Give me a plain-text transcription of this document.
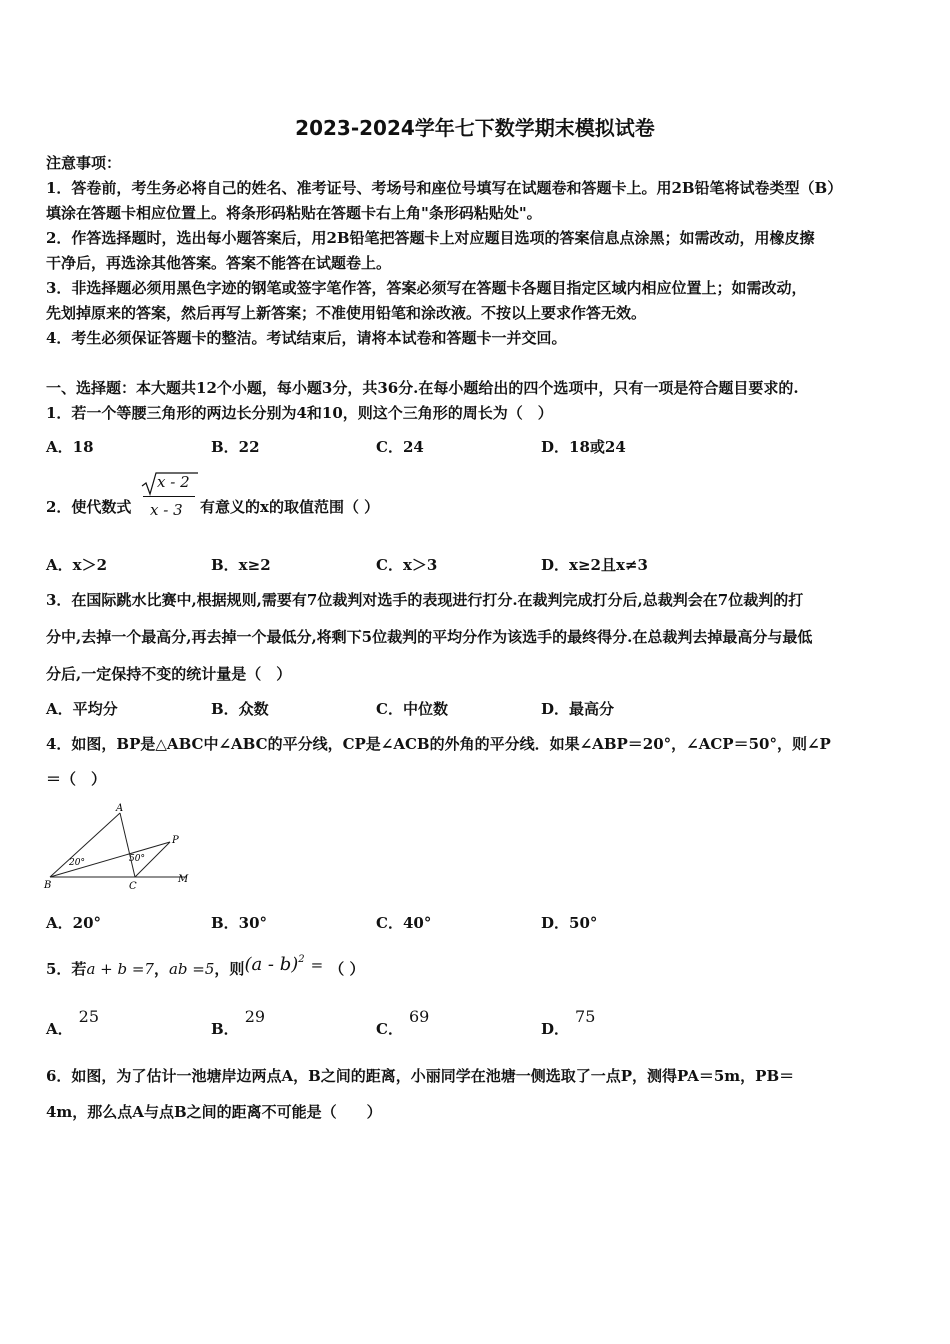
2023-2024学年七下数学期末模拟试卷
注意事项：
1．答卷前，考生务必将自己的姓名、准考证号、考场号和座位号填写在试题卷和答题卡上。用2B铅笔将试卷类型（B）
填涂在答题卡相应位置上。将条形码粘贴在答题卡右上角"条形码粘贴处"。
2．作答选择题时，选出每小题答案后，用2B铅笔把答题卡上对应题目选项的答案信息点涂黑；如需改动，用橡皮擦
干净后，再选涂其他答案。答案不能答在试题卷上。
3．非选择题必须用黑色字迹的钢笔或签字笔作答，答案必须写在答题卡各题目指定区域内相应位置上；如需改动，
先划掉原来的答案，然后再写上新答案；不准使用铅笔和涂改液。不按以上要求作答无效。
4．考生必须保证答题卡的整洁。考试结束后，请将本试卷和答题卡一并交回。
一、选择题：本大题共12个小题，每小题3分，共36分.在每小题给出的四个选项中，只有一项是符合题目要求的.
1．若一个等腰三角形的两边长分别为4和10，则这个三角形的周长为（　）
A．18	B．22	C．24	D．18或24
2．使代数式
x - 2
x - 3 有意义的x的取值范围（ ）
A．x＞2	B．x≥2	C．x＞3	D．x≥2且x≠3
3．在国际跳水比赛中,根据规则,需要有7位裁判对选手的表现进行打分.在裁判完成打分后,总裁判会在7位裁判的打
分中,去掉一个最高分,再去掉一个最低分,将剩下5位裁判的平均分作为该选手的最终得分.在总裁判去掉最高分与最低
分后,一定保持不变的统计量是（　）
A．平均分	B．众数	C．中位数	D．最高分
4．如图，BP是△ABC中∠ABC的平分线，CP是∠ACB的外角的平分线．如果∠ABP＝20°，∠ACP＝50°，则∠P
＝（　）
A
B	C
P
M
20°	50°
A．20°	B．30°	C．40°	D．50°
5．若a + b =7，ab =5，则(a - b)$^2$ = （ ）
A．25
B．29
C．69
D．75
6．如图，为了估计一池塘岸边两点A，B之间的距离，小丽同学在池塘一侧选取了一点P，测得PA＝5m，PB＝
4m，那么点A与点B之间的距离不可能是（　　）
